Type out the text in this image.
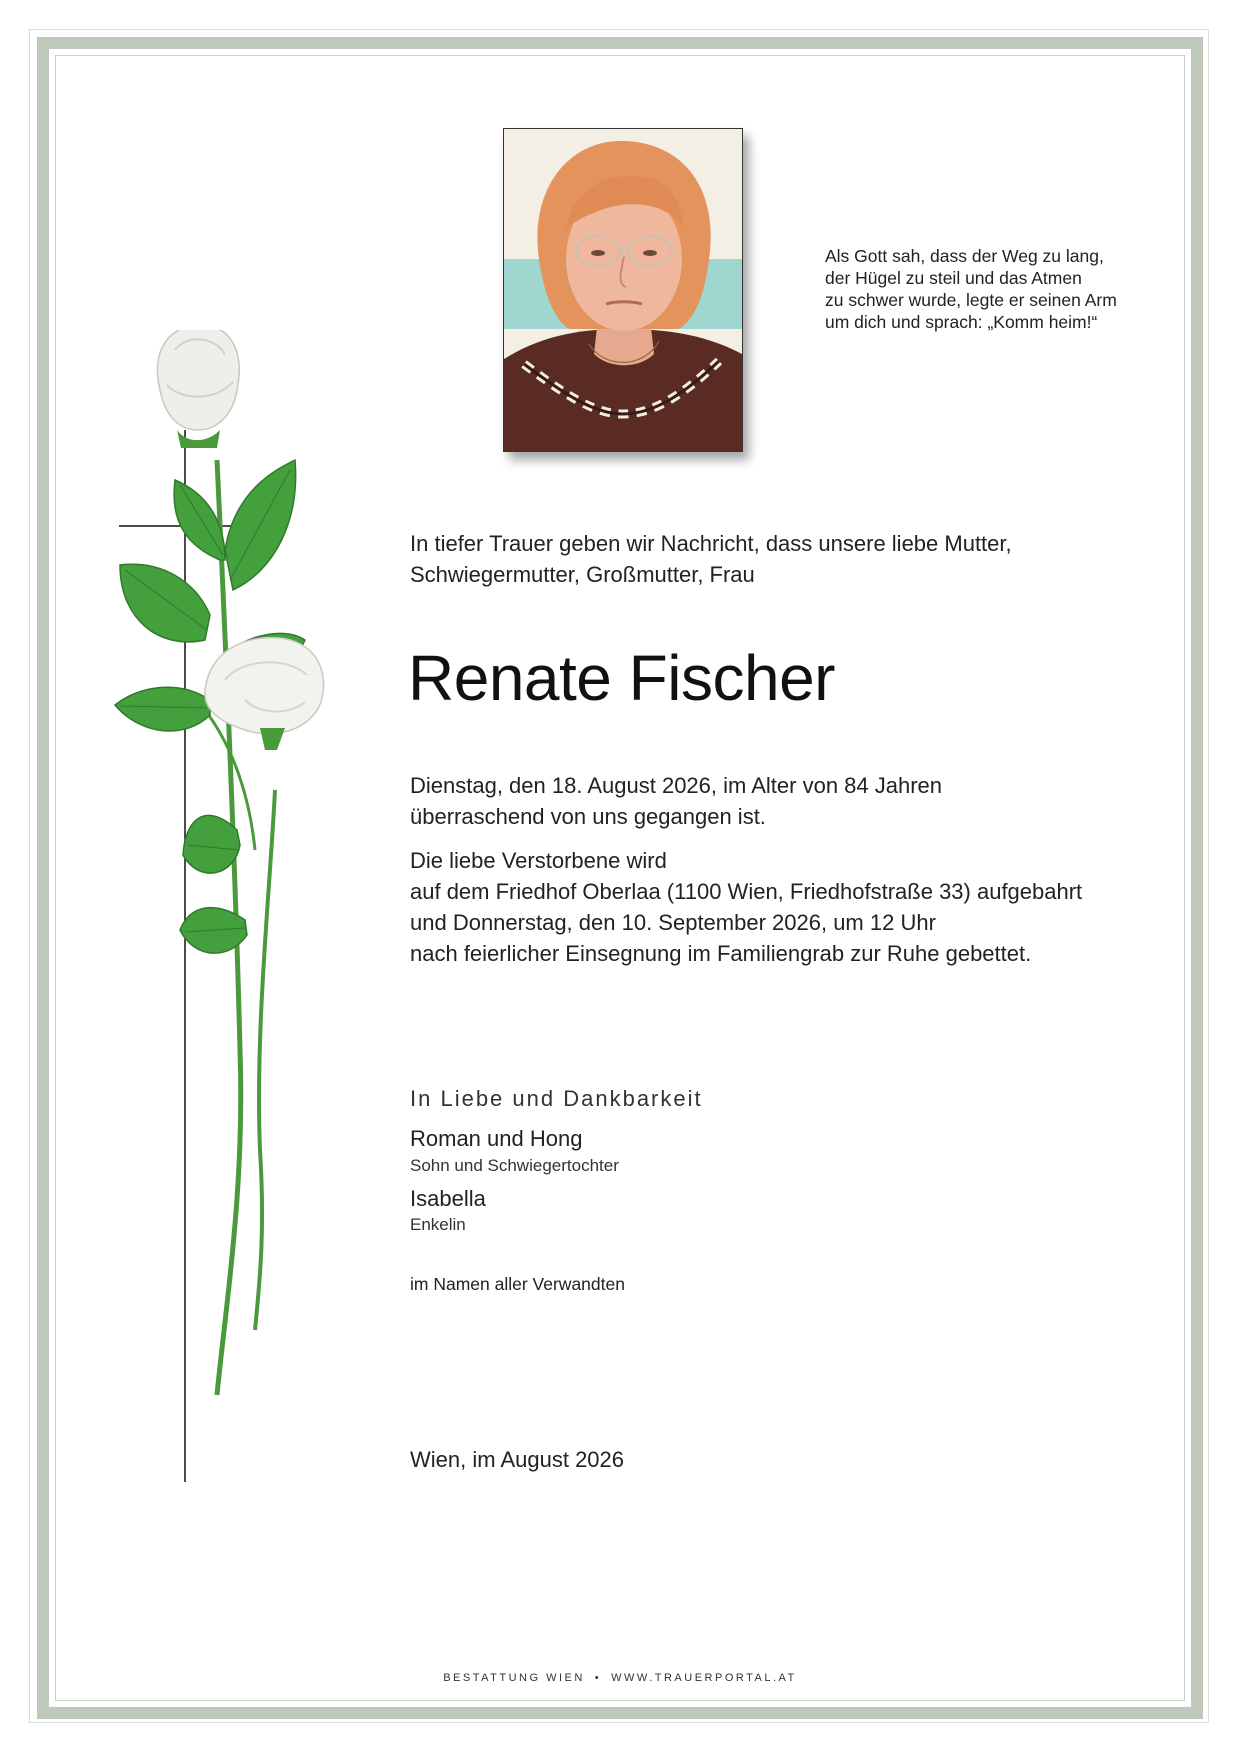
Als Gott sah, dass der Weg zu lang,
der Hügel zu steil und das Atmen
zu schwer wurde, legte er seinen Arm
um dich und sprach: „Komm heim!“
In tiefer Trauer geben wir Nachricht, dass unsere liebe Mutter,
Schwiegermutter, Großmutter, Frau
Renate Fischer
Dienstag, den 18. August 2026, im Alter von 84 Jahren
überraschend von uns gegangen ist.
Die liebe Verstorbene wird
auf dem Friedhof Oberlaa (1100 Wien, Friedhofstraße 33) aufgebahrt
und Donnerstag, den 10. September 2026, um 12 Uhr
nach feierlicher Einsegnung im Familiengrab zur Ruhe gebettet.
In Liebe und Dankbarkeit
Roman und Hong
Sohn und Schwiegertochter
Isabella
Enkelin
im Namen aller Verwandten
Wien, im August 2026
BESTATTUNG WIEN • WWW.TRAUERPORTAL.AT
